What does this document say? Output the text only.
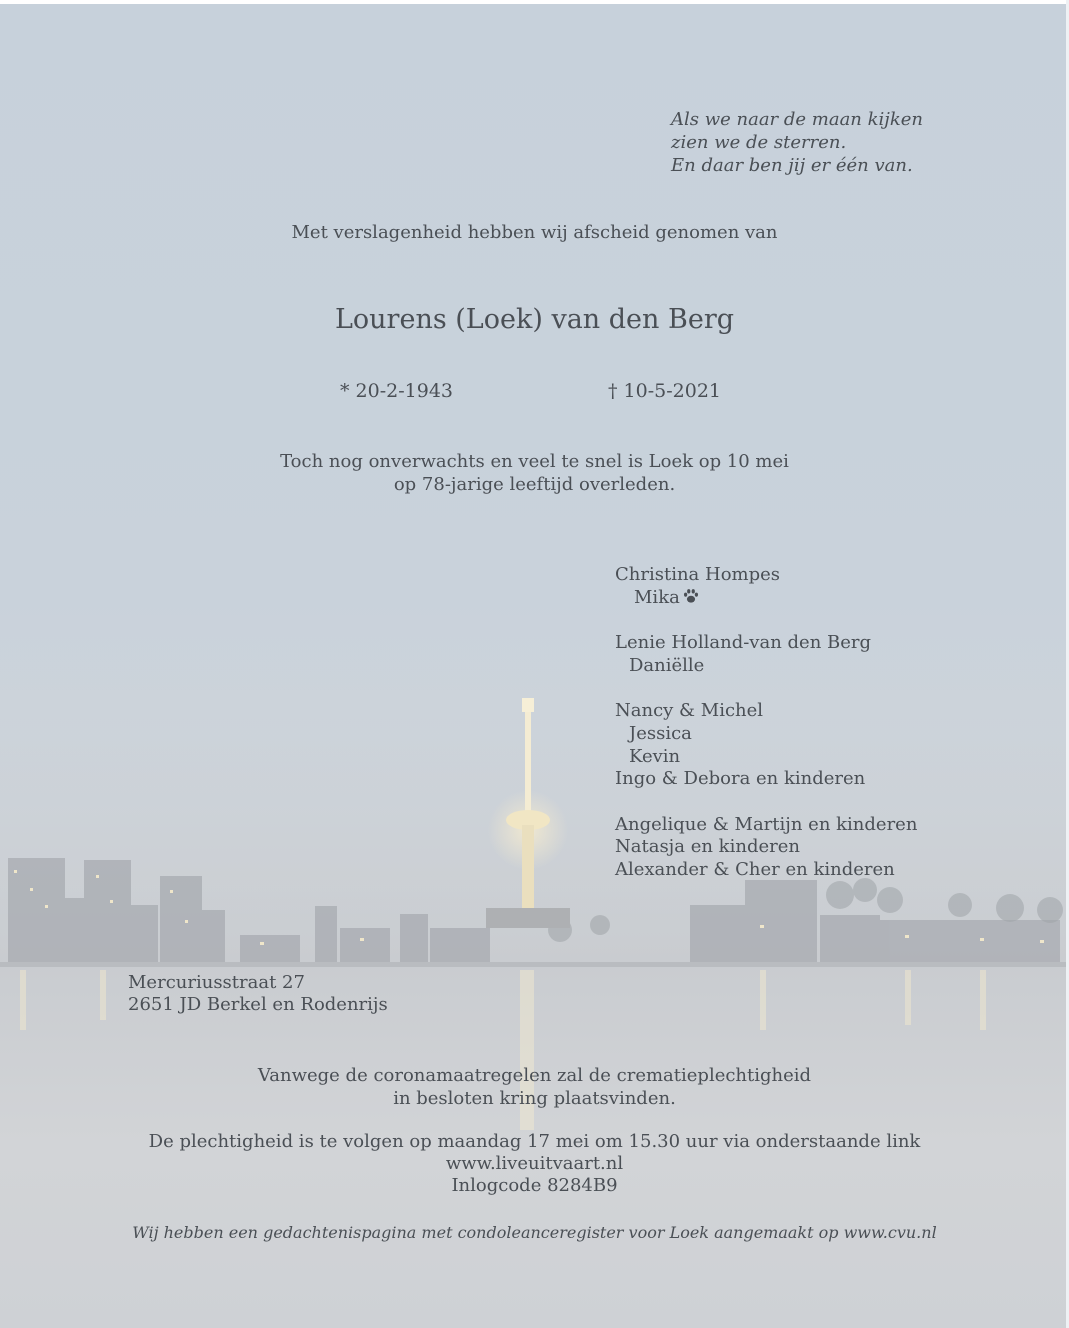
Als we naar de maan kijken
zien we de sterren.
En daar ben jij er één van.
Met verslagenheid hebben wij afscheid genomen van
Lourens (Loek) van den Berg
* 20-2-1943	† 10-5-2021
Toch nog onverwachts en veel te snel is Loek op 10 mei
op 78-jarige leeftijd overleden.
Christina Hompes
Mika
Lenie Holland-van den Berg
Daniëlle
Nancy & Michel
Jessica
Kevin
Ingo & Debora en kinderen
Angelique & Martijn en kinderen
Natasja en kinderen
Alexander & Cher en kinderen
Mercuriusstraat 27
2651 JD Berkel en Rodenrijs
Vanwege de coronamaatregelen zal de crematieplechtigheid
in besloten kring plaatsvinden.
De plechtigheid is te volgen op maandag 17 mei om 15.30 uur via onderstaande link
www.liveuitvaart.nl
Inlogcode 8284B9
Wij hebben een gedachtenispagina met condoleanceregister voor Loek aangemaakt op www.cvu.nl
